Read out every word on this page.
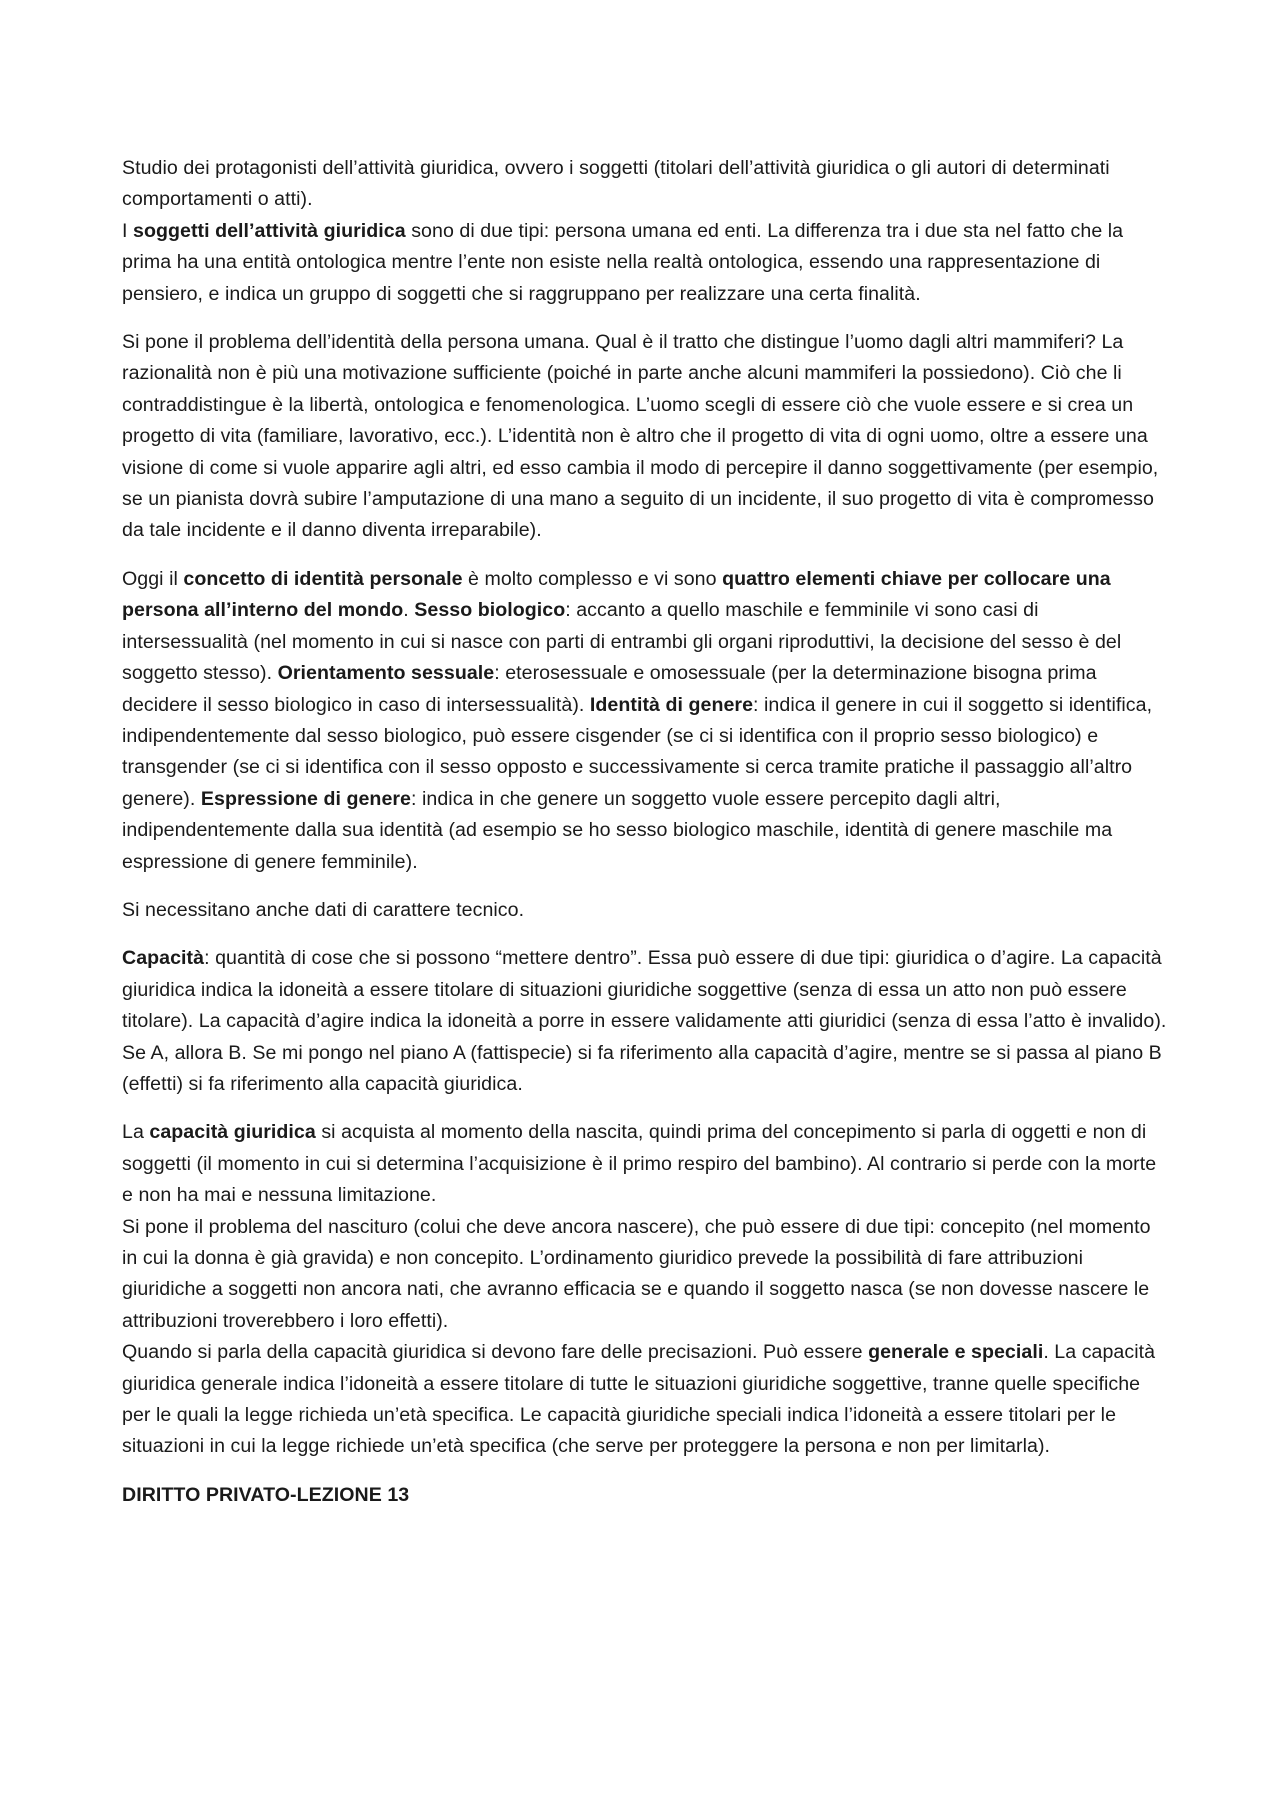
Studio dei protagonisti dell’attività giuridica, ovvero i soggetti (titolari dell’attività giuridica o gli autori di determinati comportamenti o atti).
I soggetti dell’attività giuridica sono di due tipi: persona umana ed enti. La differenza tra i due sta nel fatto che la prima ha una entità ontologica mentre l’ente non esiste nella realtà ontologica, essendo una rappresentazione di pensiero, e indica un gruppo di soggetti che si raggruppano per realizzare una certa finalità.

Si pone il problema dell’identità della persona umana. Qual è il tratto che distingue l’uomo dagli altri mammiferi? La razionalità non è più una motivazione sufficiente (poiché in parte anche alcuni mammiferi la possiedono). Ciò che li contraddistingue è la libertà, ontologica e fenomenologica. L’uomo scegli di essere ciò che vuole essere e si crea un progetto di vita (familiare, lavorativo, ecc.). L’identità non è altro che il progetto di vita di ogni uomo, oltre a essere una visione di come si vuole apparire agli altri, ed esso cambia il modo di percepire il danno soggettivamente (per esempio, se un pianista dovrà subire l’amputazione di una mano a seguito di un incidente, il suo progetto di vita è compromesso da tale incidente e il danno diventa irreparabile).

Oggi il concetto di identità personale è molto complesso e vi sono quattro elementi chiave per collocare una persona all’interno del mondo. Sesso biologico: accanto a quello maschile e femminile vi sono casi di intersessualità (nel momento in cui si nasce con parti di entrambi gli organi riproduttivi, la decisione del sesso è del soggetto stesso). Orientamento sessuale: eterosessuale e omosessuale (per la determinazione bisogna prima decidere il sesso biologico in caso di intersessualità). Identità di genere: indica il genere in cui il soggetto si identifica, indipendentemente dal sesso biologico, può essere cisgender (se ci si identifica con il proprio sesso biologico) e transgender (se ci si identifica con il sesso opposto e successivamente si cerca tramite pratiche il passaggio all’altro genere). Espressione di genere: indica in che genere un soggetto vuole essere percepito dagli altri, indipendentemente dalla sua identità (ad esempio se ho sesso biologico maschile, identità di genere maschile ma espressione di genere femminile).

Si necessitano anche dati di carattere tecnico.

Capacità: quantità di cose che si possono “mettere dentro”. Essa può essere di due tipi: giuridica o d’agire. La capacità giuridica indica la idoneità a essere titolare di situazioni giuridiche soggettive (senza di essa un atto non può essere titolare). La capacità d’agire indica la idoneità a porre in essere validamente atti giuridici (senza di essa l’atto è invalido).
Se A, allora B. Se mi pongo nel piano A (fattispecie) si fa riferimento alla capacità d’agire, mentre se si passa al piano B (effetti) si fa riferimento alla capacità giuridica.

La capacità giuridica si acquista al momento della nascita, quindi prima del concepimento si parla di oggetti e non di soggetti (il momento in cui si determina l’acquisizione è il primo respiro del bambino). Al contrario si perde con la morte e non ha mai e nessuna limitazione.
Si pone il problema del nascituro (colui che deve ancora nascere), che può essere di due tipi: concepito (nel momento in cui la donna è già gravida) e non concepito. L’ordinamento giuridico prevede la possibilità di fare attribuzioni giuridiche a soggetti non ancora nati, che avranno efficacia se e quando il soggetto nasca (se non dovesse nascere le attribuzioni troverebbero i loro effetti).
Quando si parla della capacità giuridica si devono fare delle precisazioni. Può essere generale e speciali. La capacità giuridica generale indica l’idoneità a essere titolare di tutte le situazioni giuridiche soggettive, tranne quelle specifiche per le quali la legge richieda un’età specifica. Le capacità giuridiche speciali indica l’idoneità a essere titolari per le situazioni in cui la legge richiede un’età specifica (che serve per proteggere la persona e non per limitarla).

DIRITTO PRIVATO-LEZIONE 13
